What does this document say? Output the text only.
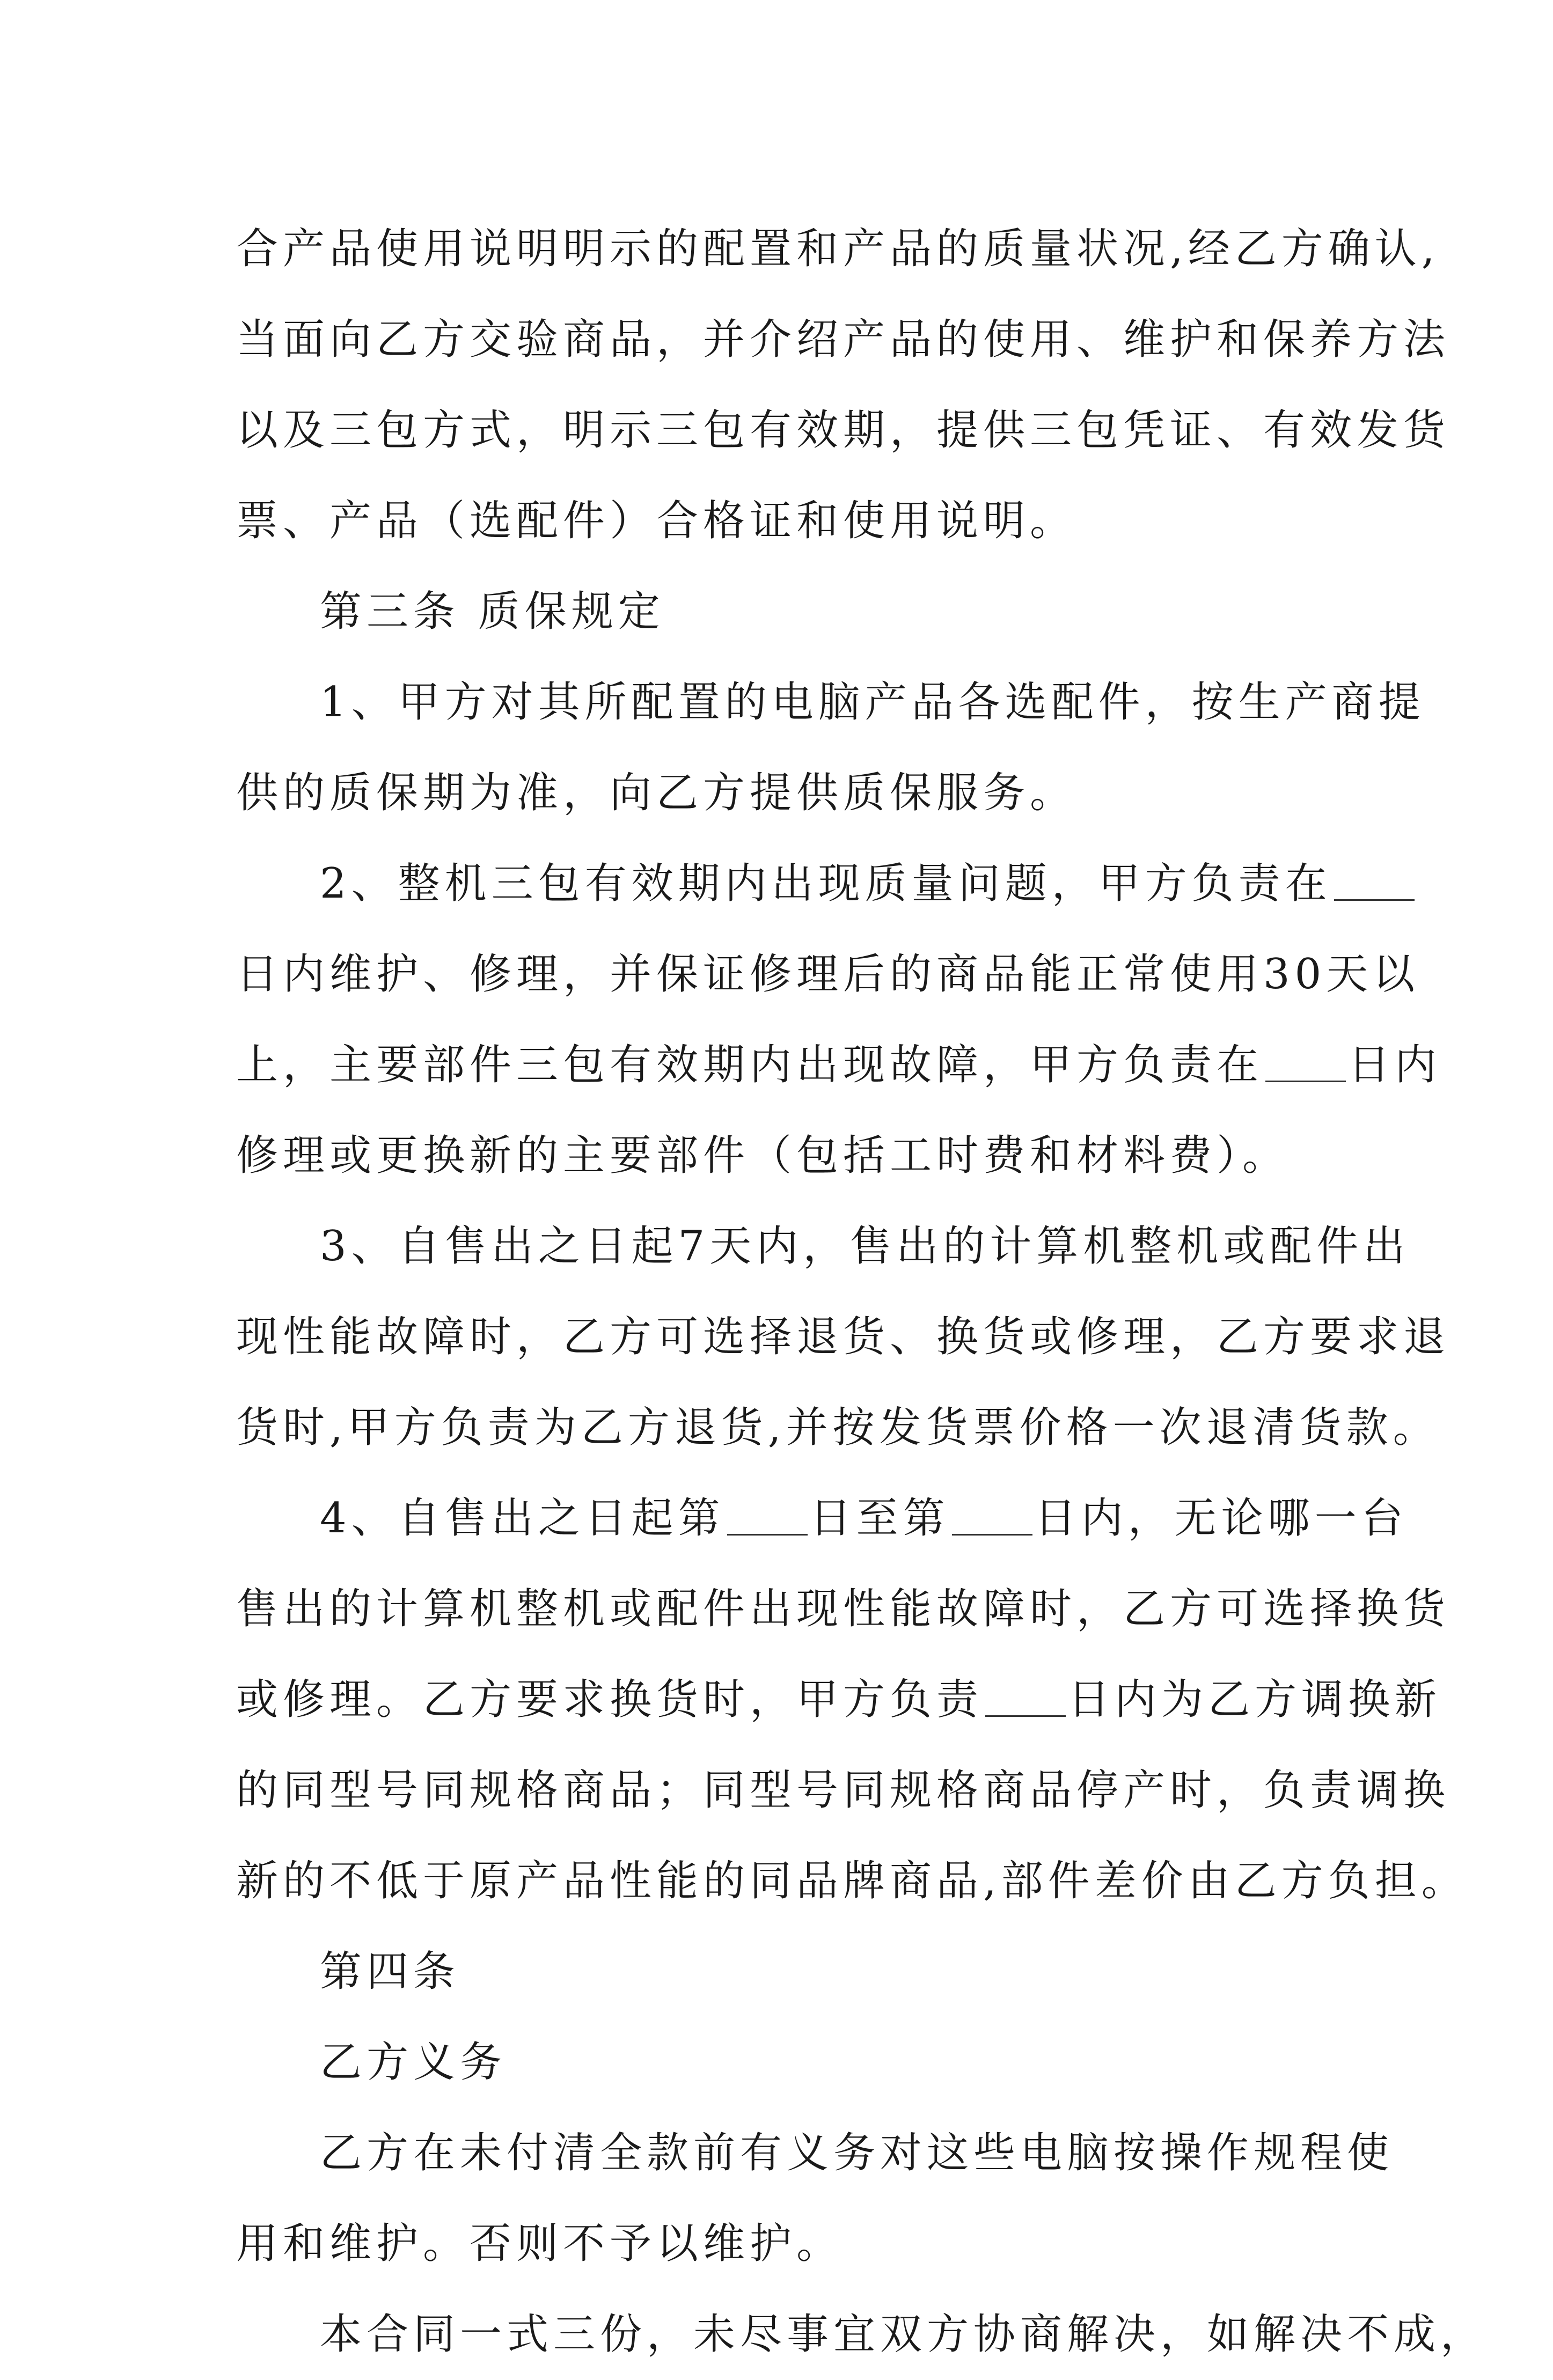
合产品使用说明明示的配置和产品的质量状况,经乙方确认,
当面向乙方交验商品，并介绍产品的使用、维护和保养方法
以及三包方式，明示三包有效期，提供三包凭证、有效发货
票、产品（选配件）合格证和使用说明。
第三条 质保规定
1、甲方对其所配置的电脑产品各选配件，按生产商提
供的质保期为准，向乙方提供质保服务。
2、整机三包有效期内出现质量问题，甲方负责在
日内维护、修理，并保证修理后的商品能正常使用30天以
上，主要部件三包有效期内出现故障，甲方负责在 日内
修理或更换新的主要部件（包括工时费和材料费）。
3、自售出之日起7天内，售出的计算机整机或配件出
现性能故障时，乙方可选择退货、换货或修理，乙方要求退
货时,甲方负责为乙方退货,并按发货票价格一次退清货款。
4、自售出之日起第 日至第 日内，无论哪一台
售出的计算机整机或配件出现性能故障时，乙方可选择换货
或修理。乙方要求换货时，甲方负责 日内为乙方调换新
的同型号同规格商品；同型号同规格商品停产时，负责调换
新的不低于原产品性能的同品牌商品,部件差价由乙方负担。
第四条
乙方义务
乙方在未付清全款前有义务对这些电脑按操作规程使
用和维护。否则不予以维护。
本合同一式三份，未尽事宜双方协商解决，如解决不成，
